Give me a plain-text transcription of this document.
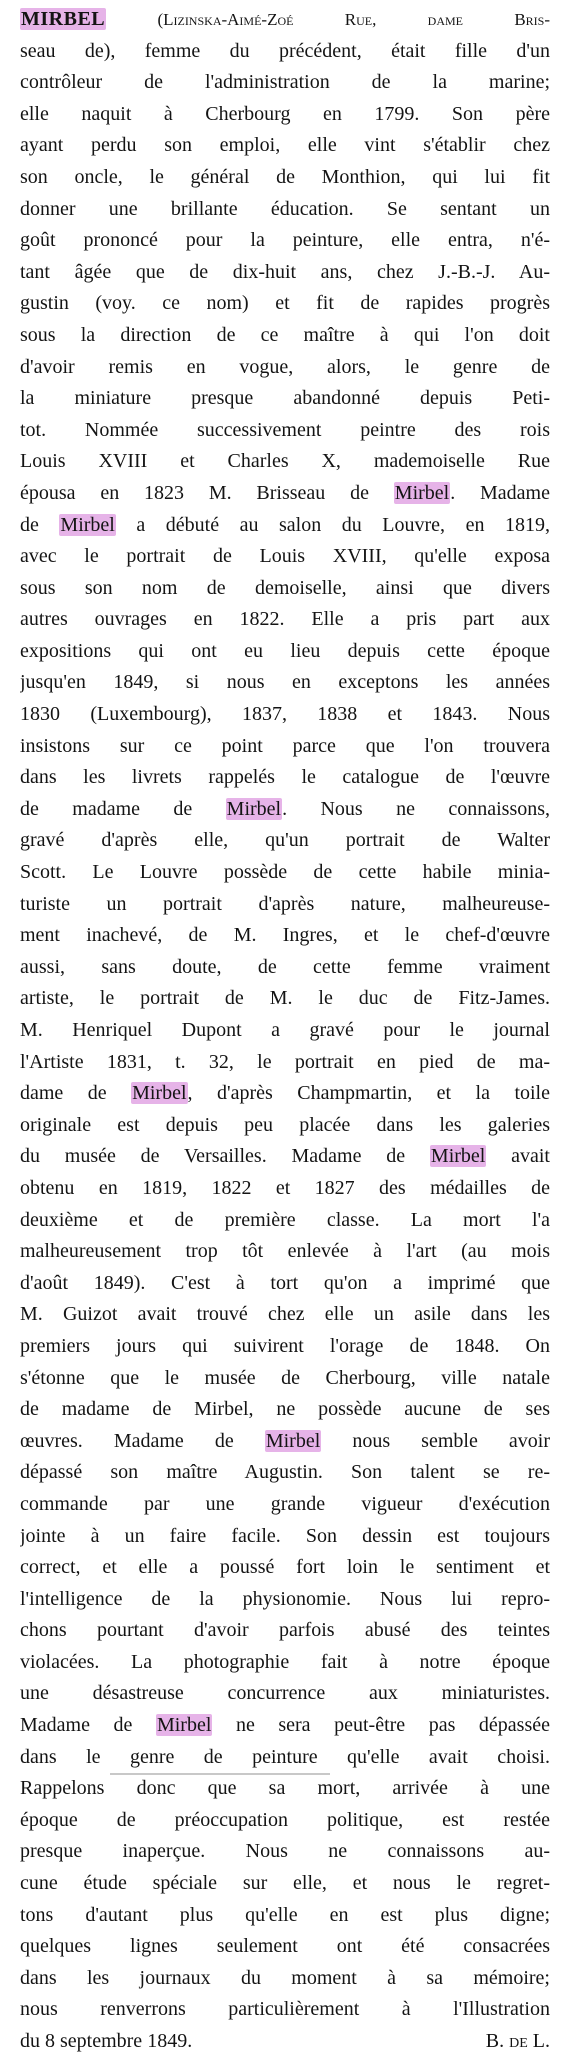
MIRBEL (Lizinska-Aimé-Zoé Rue, dame Bris-
seau de), femme du précédent, était fille d'un
contrôleur de l'administration de la marine;
elle naquit à Cherbourg en 1799. Son père
ayant perdu son emploi, elle vint s'établir chez
son oncle, le général de Monthion, qui lui fit
donner une brillante éducation. Se sentant un
goût prononcé pour la peinture, elle entra, n'é-
tant âgée que de dix-huit ans, chez J.-B.-J. Au-
gustin (voy. ce nom) et fit de rapides progrès
sous la direction de ce maître à qui l'on doit
d'avoir remis en vogue, alors, le genre de
la miniature presque abandonné depuis Peti-
tot. Nommée successivement peintre des rois
Louis XVIII et Charles X, mademoiselle Rue
épousa en 1823 M. Brisseau de Mirbel. Madame
de Mirbel a débuté au salon du Louvre, en 1819,
avec le portrait de Louis XVIII, qu'elle exposa
sous son nom de demoiselle, ainsi que divers
autres ouvrages en 1822. Elle a pris part aux
expositions qui ont eu lieu depuis cette époque
jusqu'en 1849, si nous en exceptons les années
1830 (Luxembourg), 1837, 1838 et 1843. Nous
insistons sur ce point parce que l'on trouvera
dans les livrets rappelés le catalogue de l'œuvre
de madame de Mirbel. Nous ne connaissons,
gravé d'après elle, qu'un portrait de Walter
Scott. Le Louvre possède de cette habile minia-
turiste un portrait d'après nature, malheureuse-
ment inachevé, de M. Ingres, et le chef-d'œuvre
aussi, sans doute, de cette femme vraiment
artiste, le portrait de M. le duc de Fitz-James.
M. Henriquel Dupont a gravé pour le journal
l'Artiste 1831, t. 32, le portrait en pied de ma-
dame de Mirbel, d'après Champmartin, et la toile
originale est depuis peu placée dans les galeries
du musée de Versailles. Madame de Mirbel avait
obtenu en 1819, 1822 et 1827 des médailles de
deuxième et de première classe. La mort l'a
malheureusement trop tôt enlevée à l'art (au mois
d'août 1849). C'est à tort qu'on a imprimé que
M. Guizot avait trouvé chez elle un asile dans les
premiers jours qui suivirent l'orage de 1848. On
s'étonne que le musée de Cherbourg, ville natale
de madame de Mirbel, ne possède aucune de ses
œuvres. Madame de Mirbel nous semble avoir
dépassé son maître Augustin. Son talent se re-
commande par une grande vigueur d'exécution
jointe à un faire facile. Son dessin est toujours
correct, et elle a poussé fort loin le sentiment et
l'intelligence de la physionomie. Nous lui repro-
chons pourtant d'avoir parfois abusé des teintes
violacées. La photographie fait à notre époque
une désastreuse concurrence aux miniaturistes.
Madame de Mirbel ne sera peut-être pas dépassée
dans le genre de peinture qu'elle avait choisi.
Rappelons donc que sa mort, arrivée à une
époque de préoccupation politique, est restée
presque inaperçue. Nous ne connaissons au-
cune étude spéciale sur elle, et nous le regret-
tons d'autant plus qu'elle en est plus digne;
quelques lignes seulement ont été consacrées
dans les journaux du moment à sa mémoire;
nous renverrons particulièrement à l'Illustration
du 8 septembre 1849.	B. de L.
